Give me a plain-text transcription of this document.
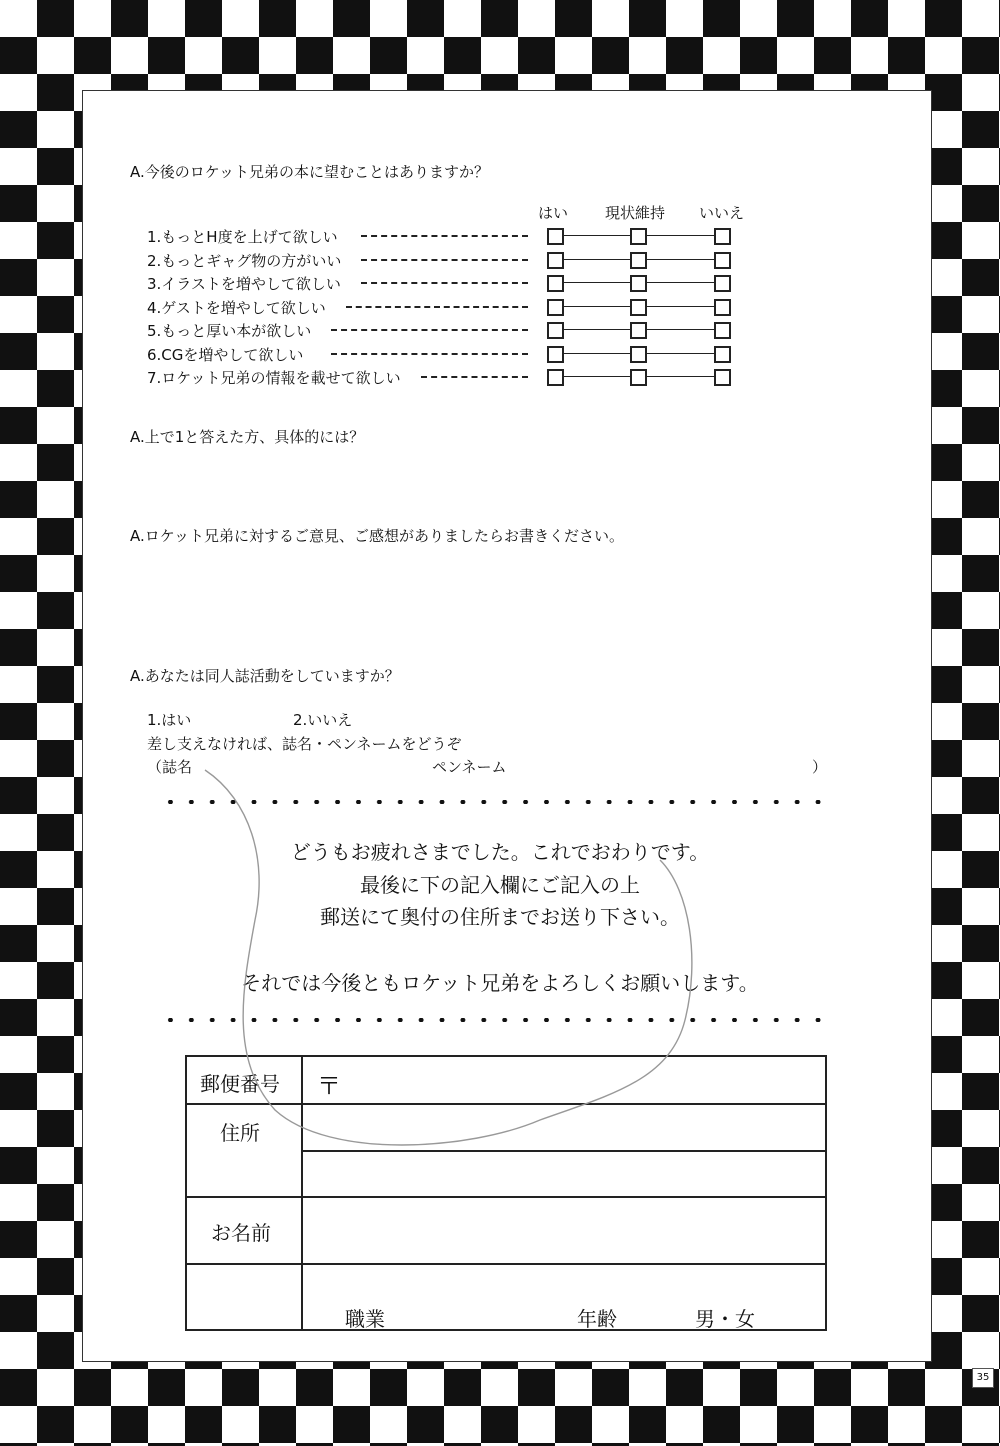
A.今後のロケット兄弟の本に望むことはありますか？
はい 現状維持 いいえ
1.もっとH度を上げて欲しい
2.もっとギャグ物の方がいい
3.イラストを増やして欲しい
4.ゲストを増やして欲しい
5.もっと厚い本が欲しい
6.CGを増やして欲しい
7.ロケット兄弟の情報を載せて欲しい
A.上で1と答えた方、具体的には？
A.ロケット兄弟に対するご意見、ご感想がありましたらお書きください。
A.あなたは同人誌活動をしていますか？
1.はい	2.いいえ
差し支えなければ、誌名・ペンネームをどうぞ
（誌名	ペンネーム	）
どうもお疲れさまでした。これでおわりです。
最後に下の記入欄にご記入の上
郵送にて奥付の住所までお送り下さい。
それでは今後ともロケット兄弟をよろしくお願いします。
郵便番号 〒
住所
お名前
職業	年齢	男・女
35
